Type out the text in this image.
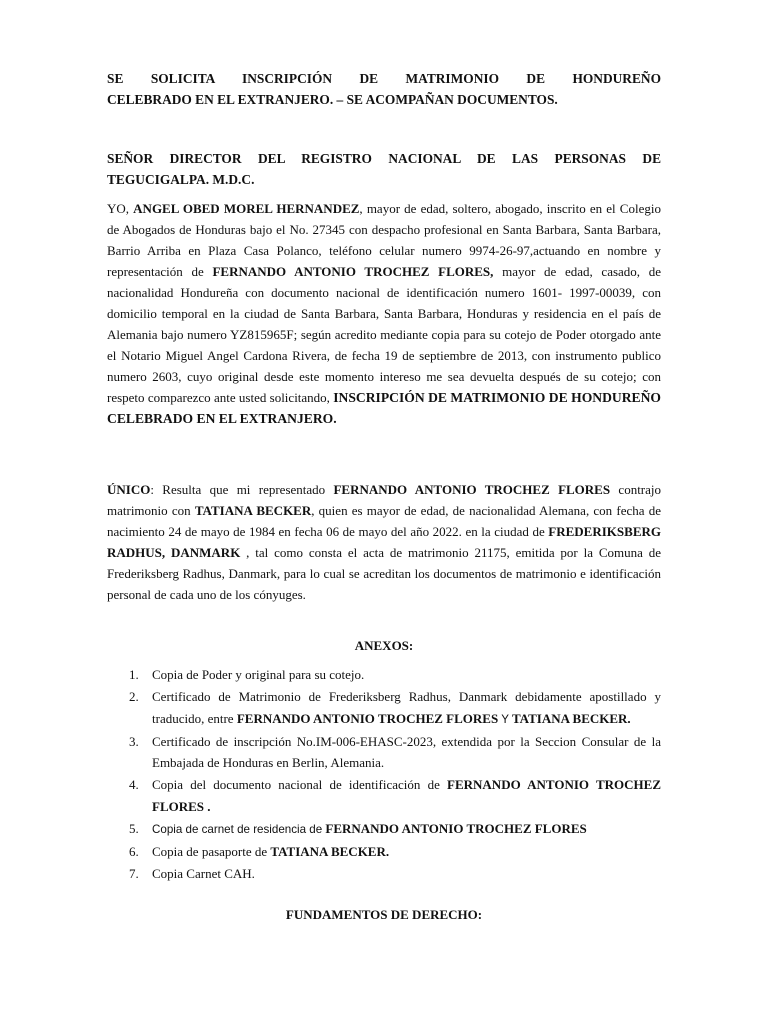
SE SOLICITA INSCRIPCIÓN DE MATRIMONIO DE HONDUREÑO
CELEBRADO EN EL EXTRANJERO. – SE ACOMPAÑAN DOCUMENTOS.
SEÑOR DIRECTOR DEL REGISTRO NACIONAL DE LAS PERSONAS DE
TEGUCIGALPA. M.D.C.
YO, ANGEL OBED MOREL HERNANDEZ, mayor de edad, soltero, abogado, inscrito en el Colegio de Abogados de Honduras bajo el No. 27345 con despacho profesional en Santa Barbara, Santa Barbara, Barrio Arriba en Plaza Casa Polanco, teléfono celular numero 9974-26-97,actuando en nombre y representación de FERNANDO ANTONIO TROCHEZ FLORES, mayor de edad, casado, de nacionalidad Hondureña con documento nacional de identificación numero 1601- 1997-00039, con domicilio temporal en la ciudad de Santa Barbara, Santa Barbara, Honduras y residencia en el país de Alemania bajo numero YZ815965F; según acredito mediante copia para su cotejo de Poder otorgado ante el Notario Miguel Angel Cardona Rivera, de fecha 19 de septiembre de 2013, con instrumento publico numero 2603, cuyo original desde este momento intereso me sea devuelta después de su cotejo; con respeto comparezco ante usted solicitando, INSCRIPCIÓN DE MATRIMONIO DE HONDUREÑO CELEBRADO EN EL EXTRANJERO.
ÚNICO: Resulta que mi representado FERNANDO ANTONIO TROCHEZ FLORES contrajo matrimonio con TATIANA BECKER, quien es mayor de edad, de nacionalidad Alemana, con fecha de nacimiento 24 de mayo de 1984 en fecha 06 de mayo del año 2022. en la ciudad de FREDERIKSBERG RADHUS, DANMARK , tal como consta el acta de matrimonio 21175, emitida por la Comuna de Frederiksberg Radhus, Danmark, para lo cual se acreditan los documentos de matrimonio e identificación personal de cada uno de los cónyuges.
ANEXOS:
1. Copia de Poder y original para su cotejo.
2. Certificado de Matrimonio de Frederiksberg Radhus, Danmark debidamente apostillado y traducido, entre FERNANDO ANTONIO TROCHEZ FLORES Y TATIANA BECKER.
3. Certificado de inscripción No.IM-006-EHASC-2023, extendida por la Seccion Consular de la Embajada de Honduras en Berlin, Alemania.
4. Copia del documento nacional de identificación de FERNANDO ANTONIO TROCHEZ FLORES .
5. Copia de carnet de residencia de FERNANDO ANTONIO TROCHEZ FLORES
6. Copia de pasaporte de TATIANA BECKER.
7. Copia Carnet CAH.
FUNDAMENTOS DE DERECHO:
